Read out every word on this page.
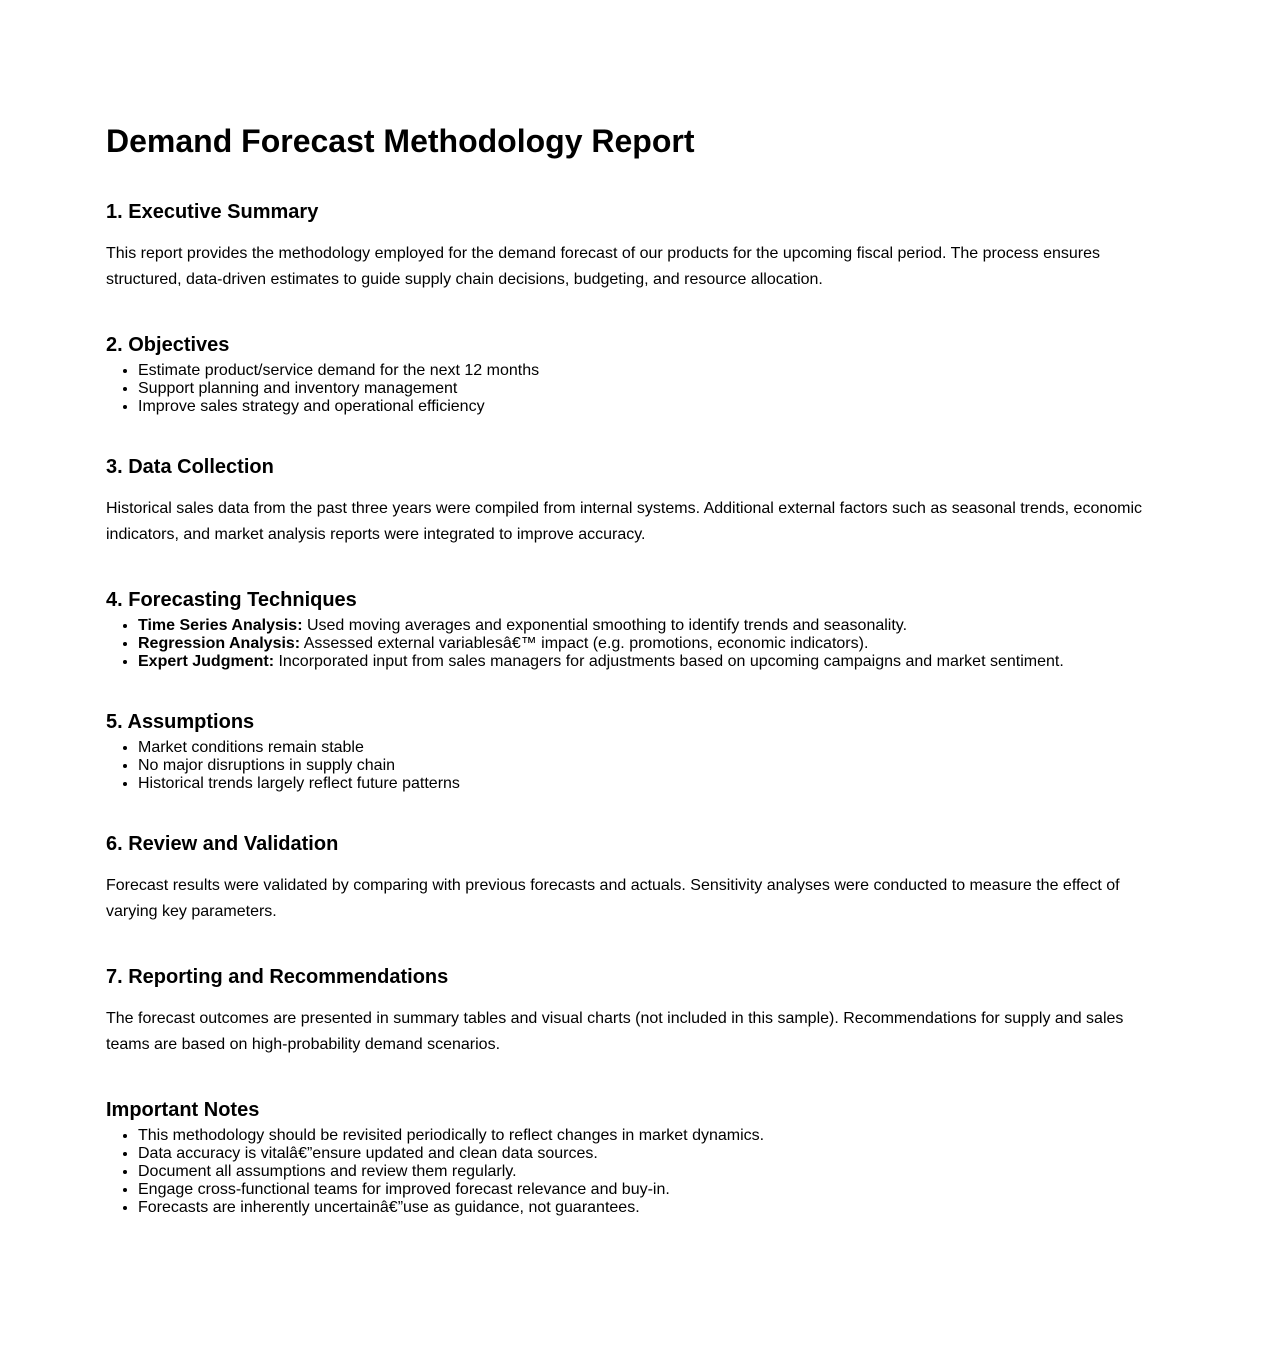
Demand Forecast Methodology Report
1. Executive Summary

This report provides the methodology employed for the demand forecast of our products for the upcoming fiscal period. The process ensures structured, data-driven estimates to guide supply chain decisions, budgeting, and resource allocation.

2. Objectives
• Estimate product/service demand for the next 12 months
• Support planning and inventory management
• Improve sales strategy and operational efficiency
3. Data Collection

Historical sales data from the past three years were compiled from internal systems. Additional external factors such as seasonal trends, economic indicators, and market analysis reports were integrated to improve accuracy.

4. Forecasting Techniques
• Time Series Analysis: Used moving averages and exponential smoothing to identify trends and seasonality.
• Regression Analysis: Assessed external variablesâ€™ impact (e.g. promotions, economic indicators).
• Expert Judgment: Incorporated input from sales managers for adjustments based on upcoming campaigns and market sentiment.
5. Assumptions
• Market conditions remain stable
• No major disruptions in supply chain
• Historical trends largely reflect future patterns
6. Review and Validation

Forecast results were validated by comparing with previous forecasts and actuals. Sensitivity analyses were conducted to measure the effect of varying key parameters.

7. Reporting and Recommendations

The forecast outcomes are presented in summary tables and visual charts (not included in this sample). Recommendations for supply and sales teams are based on high-probability demand scenarios.

Important Notes
• This methodology should be revisited periodically to reflect changes in market dynamics.
• Data accuracy is vitalâ€”ensure updated and clean data sources.
• Document all assumptions and review them regularly.
• Engage cross-functional teams for improved forecast relevance and buy-in.
• Forecasts are inherently uncertainâ€”use as guidance, not guarantees.
